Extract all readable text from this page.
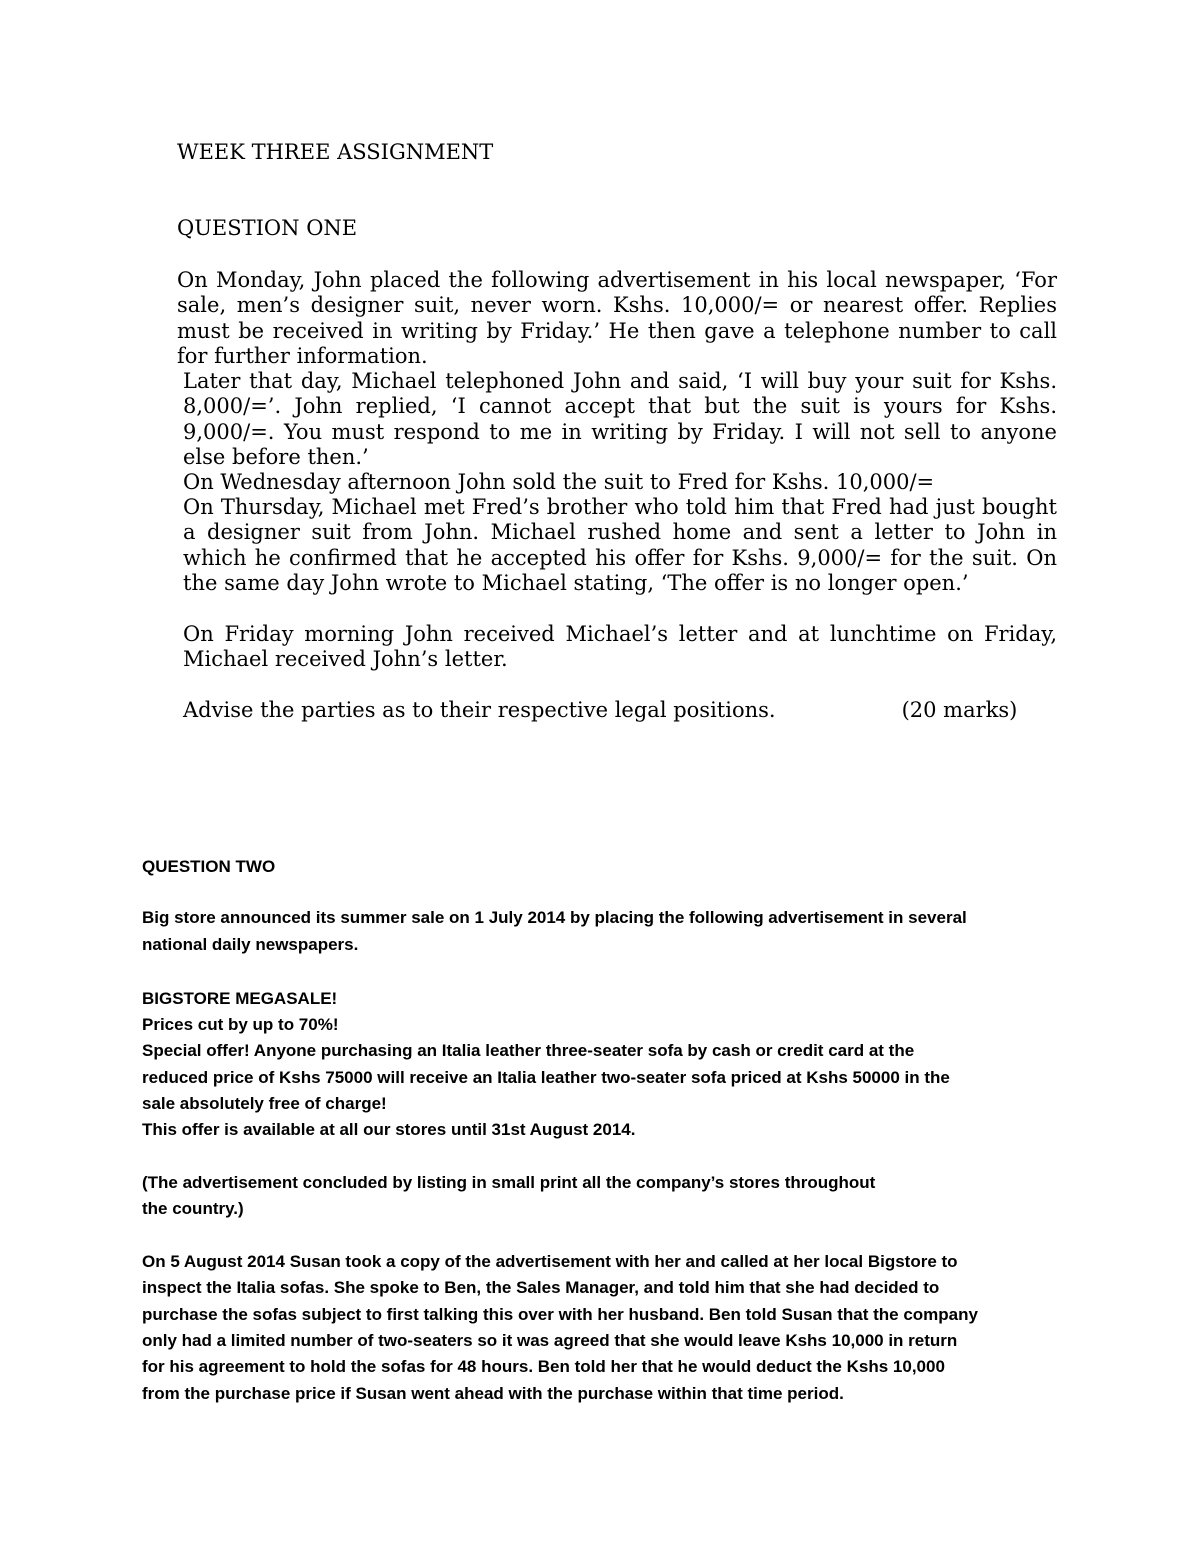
WEEK THREE ASSIGNMENT
QUESTION ONE
On Monday, John placed the following advertisement in his local newspaper, ‘For sale, men’s designer suit, never worn. Kshs. 10,000/= or nearest offer. Replies must be received in writing by Friday.’ He then gave a telephone number to call for further information.
Later that day, Michael telephoned John and said, ‘I will buy your suit for Kshs. 8,000/=’. John replied, ‘I cannot accept that but the suit is yours for Kshs. 9,000/=. You must respond to me in writing by Friday. I will not sell to anyone else before then.’
On Wednesday afternoon John sold the suit to Fred for Kshs. 10,000/=
On Thursday, Michael met Fred’s brother who told him that Fred had just bought a designer suit from John. Michael rushed home and sent a letter to John in which he confirmed that he accepted his offer for Kshs. 9,000/= for the suit. On the same day John wrote to Michael stating, ‘The offer is no longer open.’
On Friday morning John received Michael’s letter and at lunchtime on Friday, Michael received John’s letter.
Advise the parties as to their respective legal positions.	(20 marks)
QUESTION TWO
Big store announced its summer sale on 1 July 2014 by placing the following advertisement in several
national daily newspapers.
BIGSTORE MEGASALE!
Prices cut by up to 70%!
Special offer! Anyone purchasing an Italia leather three-seater sofa by cash or credit card at the
reduced price of Kshs 75000 will receive an Italia leather two-seater sofa priced at Kshs 50000 in the
sale absolutely free of charge!
This offer is available at all our stores until 31st August 2014.
(The advertisement concluded by listing in small print all the company’s stores throughout
the country.)
On 5 August 2014 Susan took a copy of the advertisement with her and called at her local Bigstore to
inspect the Italia sofas. She spoke to Ben, the Sales Manager, and told him that she had decided to
purchase the sofas subject to first talking this over with her husband. Ben told Susan that the company
only had a limited number of two-seaters so it was agreed that she would leave Kshs 10,000 in return
for his agreement to hold the sofas for 48 hours. Ben told her that he would deduct the Kshs 10,000
from the purchase price if Susan went ahead with the purchase within that time period.
